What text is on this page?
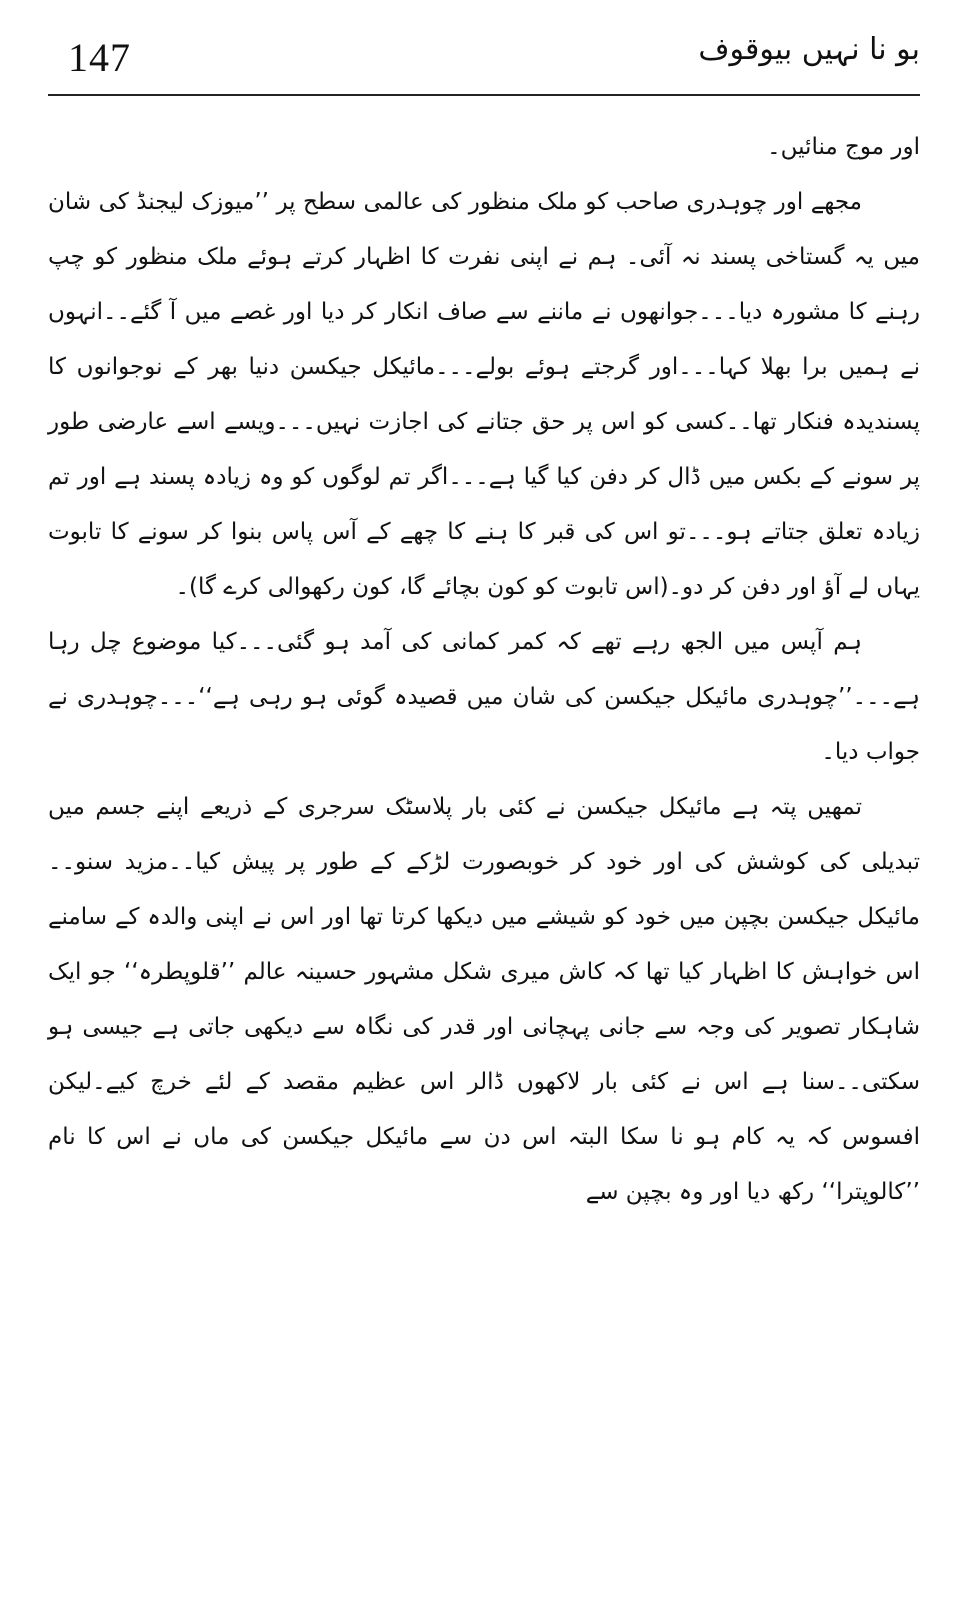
147	بو نا نہیں بیوقوف

اور موج منائیں۔

مجھے اور چوہدری صاحب کو ملک منظور کی عالمی سطح پر ’’میوزک لیجنڈ کی شان میں یہ گستاخی پسند نہ آئی۔ ہم نے اپنی نفرت کا اظہار کرتے ہوئے ملک منظور کو چپ رہنے کا مشورہ دیا۔۔۔جوانھوں نے ماننے سے صاف انکار کر دیا اور غصے میں آ گئے۔۔انہوں نے ہمیں برا بھلا کہا۔۔۔اور گرجتے ہوئے بولے۔۔۔مائیکل جیکسن دنیا بھر کے نوجوانوں کا پسندیدہ فنکار تھا۔۔کسی کو اس پر حق جتانے کی اجازت نہیں۔۔۔ویسے اسے عارضی طور پر سونے کے بکس میں ڈال کر دفن کیا گیا ہے۔۔۔اگر تم لوگوں کو وہ زیادہ پسند ہے اور تم زیادہ تعلق جتاتے ہو۔۔۔تو اس کی قبر کا ہنے کا چھے کے آس پاس بنوا کر سونے کا تابوت یہاں لے آؤ اور دفن کر دو۔(اس تابوت کو کون بچائے گا، کون رکھوالی کرے گا)۔

ہم آپس میں الجھ رہے تھے کہ کمر کمانی کی آمد ہو گئی۔۔۔کیا موضوع چل رہا ہے۔۔۔’’چوہدری مائیکل جیکسن کی شان میں قصیدہ گوئی ہو رہی ہے‘‘۔۔۔چوہدری نے جواب دیا۔

تمھیں پتہ ہے مائیکل جیکسن نے کئی بار پلاسٹک سرجری کے ذریعے اپنے جسم میں تبدیلی کی کوشش کی اور خود کر خوبصورت لڑکے کے طور پر پیش کیا۔۔مزید سنو۔۔مائیکل جیکسن بچپن میں خود کو شیشے میں دیکھا کرتا تھا اور اس نے اپنی والدہ کے سامنے اس خواہش کا اظہار کیا تھا کہ کاش میری شکل مشہور حسینہ عالم ’’قلوپطرہ‘‘ جو ایک شاہکار تصویر کی وجہ سے جانی پہچانی اور قدر کی نگاہ سے دیکھی جاتی ہے جیسی ہو سکتی۔۔سنا ہے اس نے کئی بار لاکھوں ڈالر اس عظیم مقصد کے لئے خرچ کیے۔لیکن افسوس کہ یہ کام ہو نا سکا البتہ اس دن سے مائیکل جیکسن کی ماں نے اس کا نام ’’کالوپترا‘‘ رکھ دیا اور وہ بچپن سے
